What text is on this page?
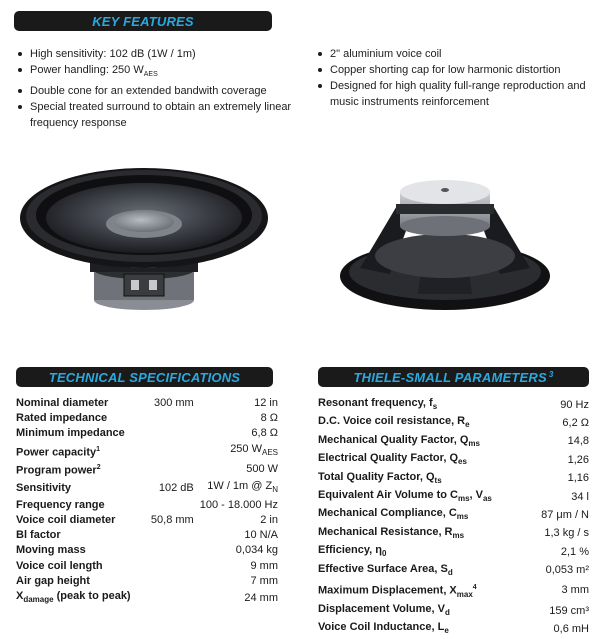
KEY FEATURES
TECHNICAL SPECIFICATIONS	THIELE-SMALL PARAMETERS 3
High sensitivity: 102 dB (1W / 1m)
Power handling: 250 $W_{AES}$
Double cone for an extended bandwith coverage
Special treated surround to obtain an extremely linear frequency response
2" aluminium voice coil
Copper shorting cap for low harmonic distortion
Designed for high quality full-range reproduction and music instruments reinforcement
Nominal diameter	300 mm	12 in
Rated impedance		8 Ω
Minimum impedance		6,8 Ω
Power capacity$^1$		250 $W_{AES}$
Program power$^2$		500 W
Sensitivity	102 dB	1W / 1m @ $Z_N$
Frequency range		100 - 18.000 Hz
Voice coil diameter	50,8 mm	2 in
Bl factor		10 N/A
Moving mass		0,034 kg
Voice coil length		9 mm
Air gap height		7 mm
$X_{damage}$ (peak to peak)		24 mm
Resonant frequency, $f_s$	90 Hz
D.C. Voice coil resistance, $R_e$	6,2 Ω
Mechanical Quality Factor, $Q_{ms}$	14,8
Electrical Quality Factor, $Q_{es}$	1,26
Total Quality Factor, $Q_{ts}$	1,16
Equivalent Air Volume to $C_{ms}$, $V_{as}$	34 l
Mechanical Compliance, $C_{ms}$	87 μm / N
Mechanical Resistance, $R_{ms}$	1,3 kg / s
Efficiency, $\eta_0$	2,1 %
Effective Surface Area, $S_d$	0,053 m²
Maximum Displacement, $X_{max}^4$	3 mm
Displacement Volume, $V_d$	159 cm³
Voice Coil Inductance, $L_e$	0,6 mH
